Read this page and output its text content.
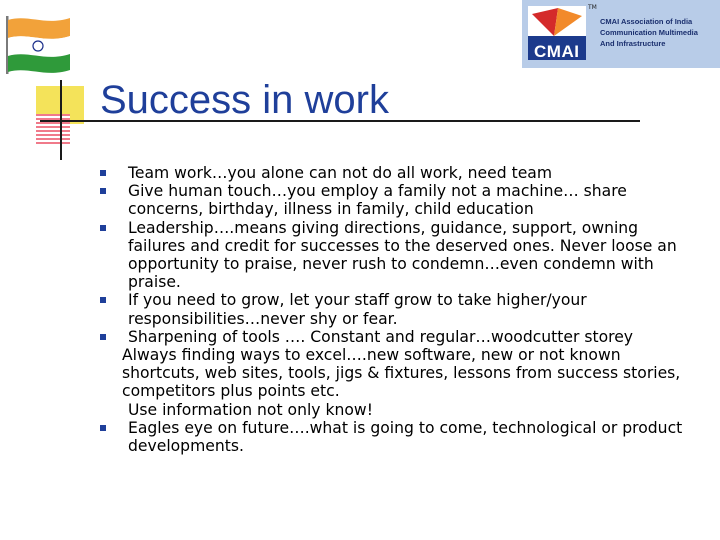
CMAI
TM
CMAI Association of India
Communication Multimedia
And Infrastructure
Success in work
Team work…you alone can not do all work, need team
Give human touch…you employ a family not a machine… share concerns, birthday, illness in family, child education
Leadership….means giving directions, guidance, support, owning failures and credit for successes to the deserved ones. Never loose an opportunity to praise, never rush to condemn…even condemn with praise.
If you need to grow, let your staff grow to take higher/your responsibilities…never shy or fear.
Sharpening of tools …. Constant and regular…woodcutter storey
Always finding ways to excel….new software, new or not known shortcuts, web sites, tools, jigs & fixtures, lessons from success stories, competitors plus points etc.
Use information not only know!
Eagles eye on future….what is going to come, technological or product developments.
